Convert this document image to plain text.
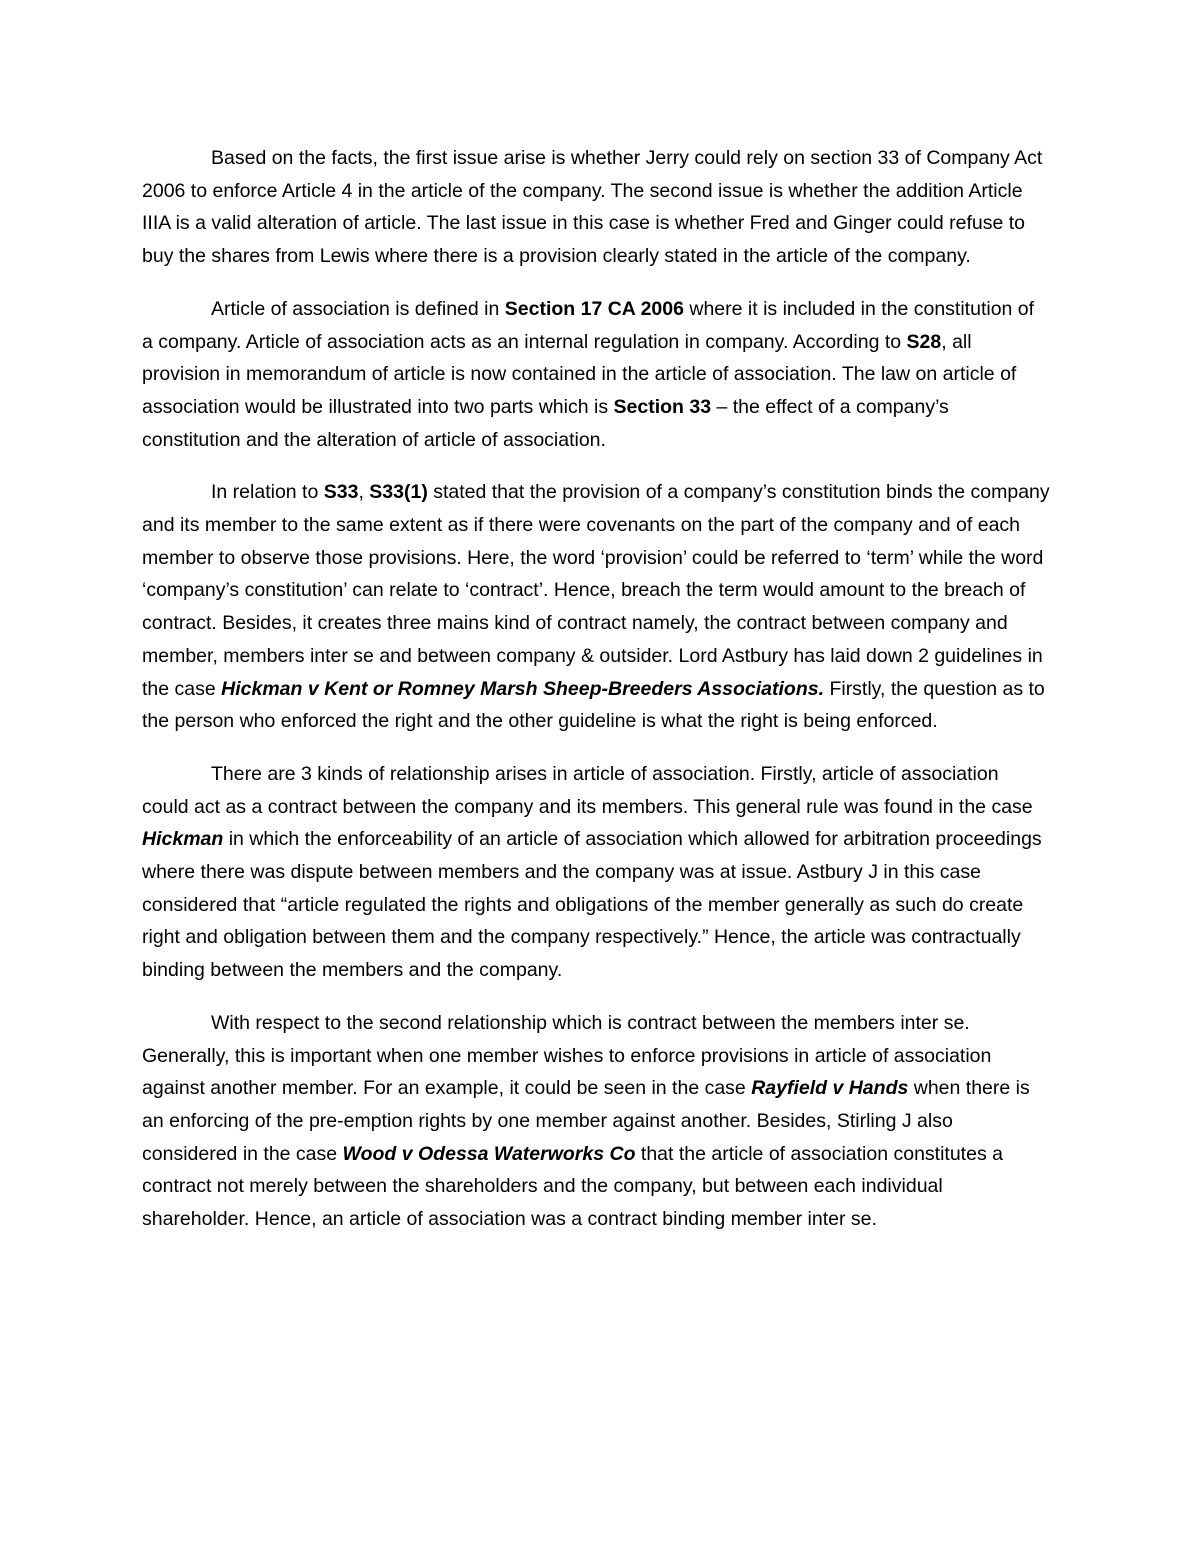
Based on the facts, the first issue arise is whether Jerry could rely on section 33 of Company Act 2006 to enforce Article 4 in the article of the company. The second issue is whether the addition Article IIIA is a valid alteration of article. The last issue in this case is whether Fred and Ginger could refuse to buy the shares from Lewis where there is a provision clearly stated in the article of the company.

Article of association is defined in Section 17 CA 2006 where it is included in the constitution of a company. Article of association acts as an internal regulation in company. According to S28, all provision in memorandum of article is now contained in the article of association. The law on article of association would be illustrated into two parts which is Section 33 – the effect of a company’s constitution and the alteration of article of association.

In relation to S33, S33(1) stated that the provision of a company’s constitution binds the company and its member to the same extent as if there were covenants on the part of the company and of each member to observe those provisions. Here, the word ‘provision’ could be referred to ‘term’ while the word ‘company’s constitution’ can relate to ‘contract’. Hence, breach the term would amount to the breach of contract. Besides, it creates three mains kind of contract namely, the contract between company and member, members inter se and between company & outsider. Lord Astbury has laid down 2 guidelines in the case Hickman v Kent or Romney Marsh Sheep-Breeders Associations. Firstly, the question as to the person who enforced the right and the other guideline is what the right is being enforced.

There are 3 kinds of relationship arises in article of association. Firstly, article of association could act as a contract between the company and its members. This general rule was found in the case Hickman in which the enforceability of an article of association which allowed for arbitration proceedings where there was dispute between members and the company was at issue. Astbury J in this case considered that “article regulated the rights and obligations of the member generally as such do create right and obligation between them and the company respectively.” Hence, the article was contractually binding between the members and the company.

With respect to the second relationship which is contract between the members inter se. Generally, this is important when one member wishes to enforce provisions in article of association against another member. For an example, it could be seen in the case Rayfield v Hands when there is an enforcing of the pre-emption rights by one member against another. Besides, Stirling J also considered in the case Wood v Odessa Waterworks Co that the article of association constitutes a contract not merely between the shareholders and the company, but between each individual shareholder. Hence, an article of association was a contract binding member inter se.
